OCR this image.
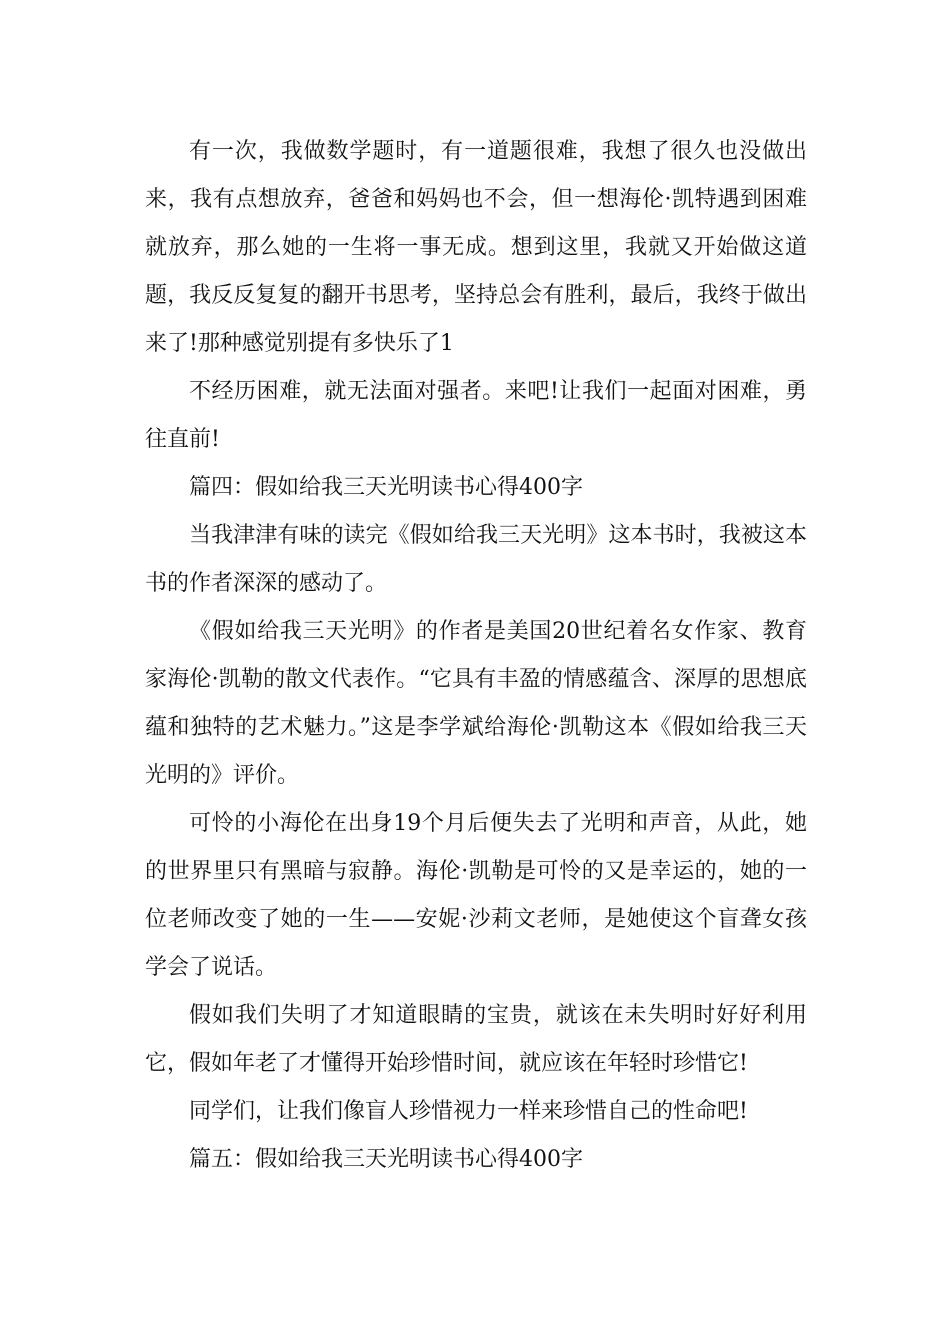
有一次，我做数学题时，有一道题很难，我想了很久也没做出来，我有点想放弃，爸爸和妈妈也不会，但一想海伦·凯特遇到困难就放弃，那么她的一生将一事无成。想到这里，我就又开始做这道题，我反反复复的翻开书思考，坚持总会有胜利，最后，我终于做出来了!那种感觉别提有多快乐了1

不经历困难，就无法面对强者。来吧!让我们一起面对困难，勇往直前!

篇四：假如给我三天光明读书心得400字

当我津津有味的读完《假如给我三天光明》这本书时，我被这本书的作者深深的感动了。

《假如给我三天光明》的作者是美国20世纪着名女作家、教育家海伦·凯勒的散文代表作。“它具有丰盈的情感蕴含、深厚的思想底蕴和独特的艺术魅力。”这是李学斌给海伦·凯勒这本《假如给我三天光明的》评价。

可怜的小海伦在出身19个月后便失去了光明和声音，从此，她的世界里只有黑暗与寂静。海伦·凯勒是可怜的又是幸运的，她的一位老师改变了她的一生——安妮·沙莉文老师，是她使这个盲聋女孩学会了说话。

假如我们失明了才知道眼睛的宝贵，就该在未失明时好好利用它，假如年老了才懂得开始珍惜时间，就应该在年轻时珍惜它!

同学们，让我们像盲人珍惜视力一样来珍惜自己的性命吧!

篇五：假如给我三天光明读书心得400字
